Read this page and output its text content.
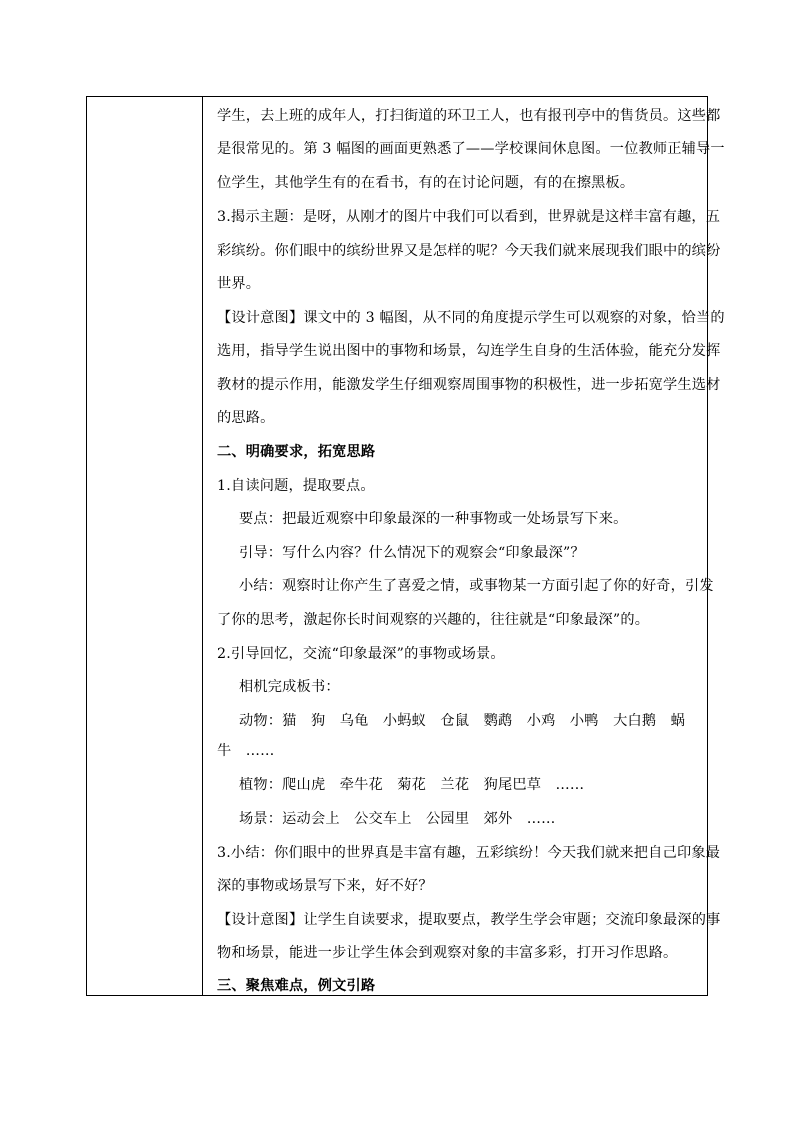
学生，去上班的成年人，打扫街道的环卫工人，也有报刊亭中的售货员。这些都
是很常见的。第 3 幅图的画面更熟悉了——学校课间休息图。一位教师正辅导一
位学生，其他学生有的在看书，有的在讨论问题，有的在擦黑板。
3.揭示主题：是呀，从刚才的图片中我们可以看到，世界就是这样丰富有趣，五
彩缤纷。你们眼中的缤纷世界又是怎样的呢？今天我们就来展现我们眼中的缤纷
世界。
【设计意图】课文中的 3 幅图，从不同的角度提示学生可以观察的对象，恰当的
选用，指导学生说出图中的事物和场景，勾连学生自身的生活体验，能充分发挥
教材的提示作用，能激发学生仔细观察周围事物的积极性，进一步拓宽学生选材
的思路。
二、明确要求，拓宽思路
1.自读问题，提取要点。
要点：把最近观察中印象最深的一种事物或一处场景写下来。
引导：写什么内容？什么情况下的观察会“印象最深”？
小结：观察时让你产生了喜爱之情，或事物某一方面引起了你的好奇，引发
了你的思考，激起你长时间观察的兴趣的，往往就是“印象最深”的。
2.引导回忆，交流“印象最深”的事物或场景。
相机完成板书：
动物：猫　狗　乌龟　小蚂蚁　仓鼠　鹦鹉　小鸡　小鸭　大白鹅　蜗
牛　……
植物：爬山虎　牵牛花　菊花　兰花　狗尾巴草　……
场景：运动会上　公交车上　公园里　郊外　……
3.小结：你们眼中的世界真是丰富有趣，五彩缤纷！今天我们就来把自己印象最
深的事物或场景写下来，好不好？
【设计意图】让学生自读要求，提取要点，教学生学会审题；交流印象最深的事
物和场景，能进一步让学生体会到观察对象的丰富多彩，打开习作思路。
三、聚焦难点，例文引路
